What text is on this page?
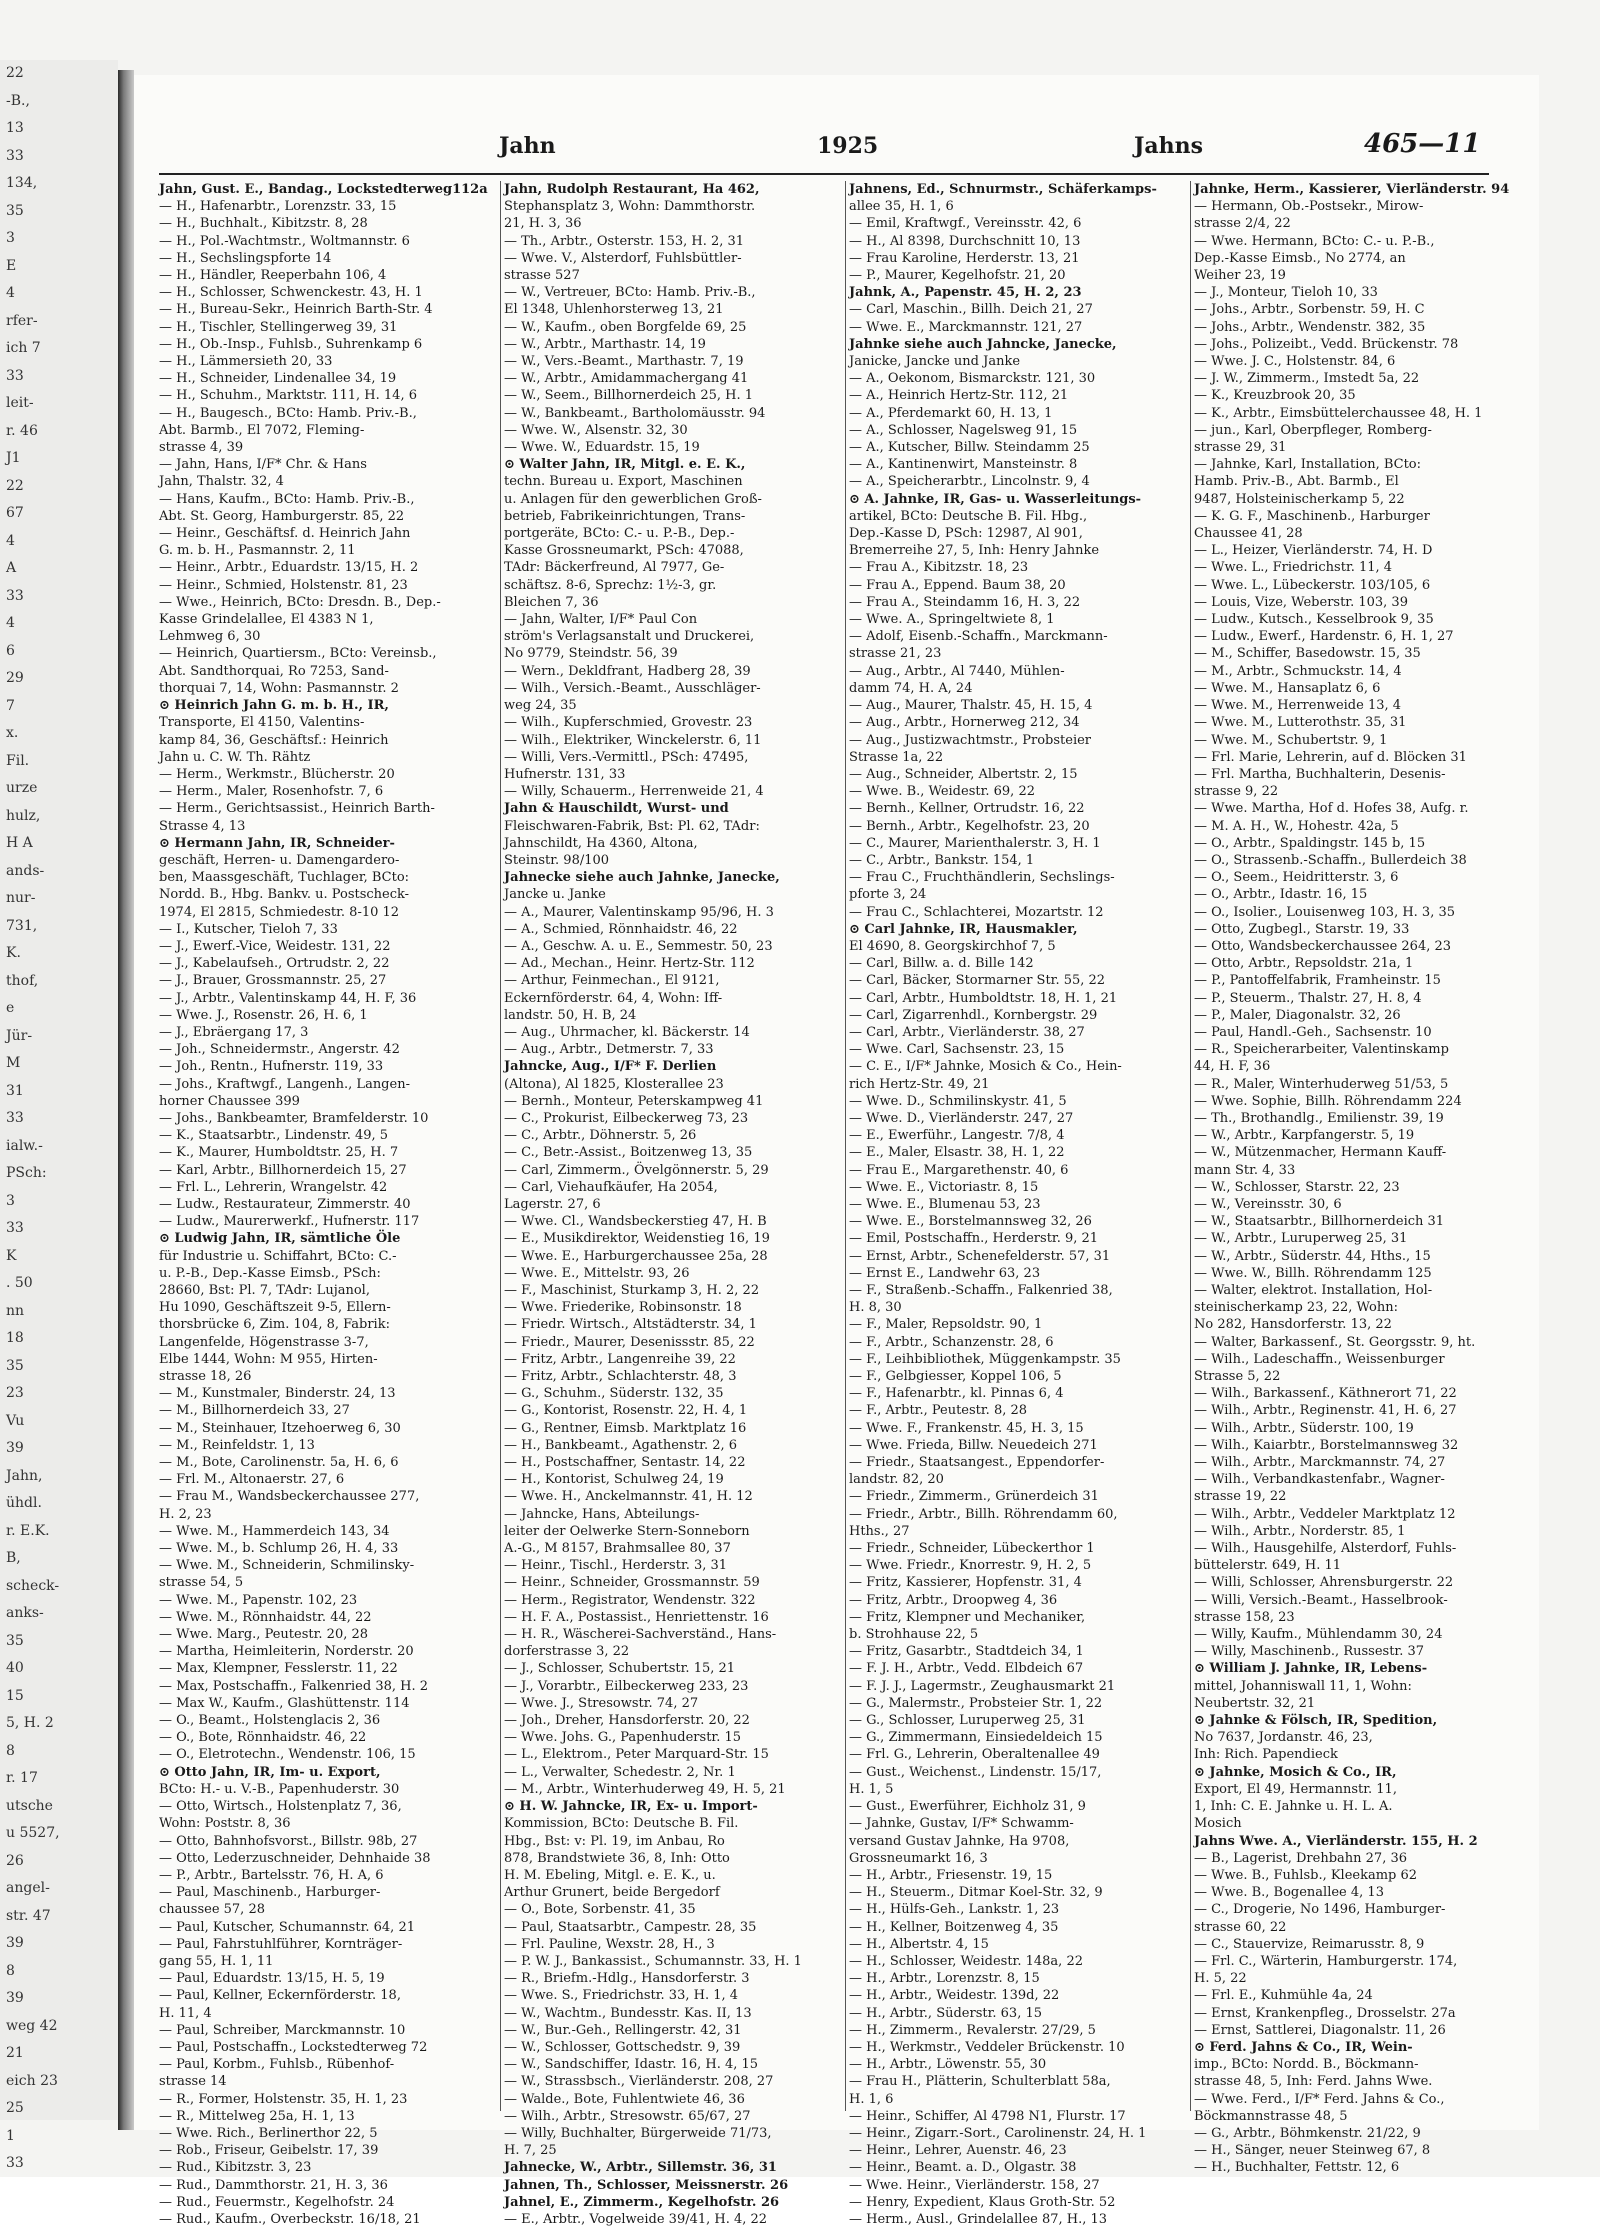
22
-B.,
13
33
134,
35
3
E
4
rfer-
ich 7
33
leit-
r. 46
J1
22
67
4
A
33
4
6
29
7
x.
Fil.
urze
hulz,
H A
ands-
nur-
731,
K.
thof,
e
Jür-
M
31
33
ialw.-
PSch:
3
33
K
. 50
nn
18
35
23
Vu
39
Jahn,
ühdl.
r. E.K.
B,
scheck-
anks-
35
40
15
5, H. 2
8
r. 17
utsche
u 5527,
26
angel-
str. 47
39
8
39
weg 42
21
eich 23
25
1
33
Jahn	1925	Jahns	465—11
Jahn, Gust. E., Bandag., Lockstedterweg112a
— H., Hafenarbtr., Lorenzstr. 33, 15
— H., Buchhalt., Kibitzstr. 8, 28
— H., Pol.-Wachtmstr., Woltmannstr. 6
— H., Sechslingspforte 14
— H., Händler, Reeperbahn 106, 4
— H., Schlosser, Schwenckestr. 43, H. 1
— H., Bureau-Sekr., Heinrich Barth-Str. 4
— H., Tischler, Stellingerweg 39, 31
— H., Ob.-Insp., Fuhlsb., Suhrenkamp 6
— H., Lämmersieth 20, 33
— H., Schneider, Lindenallee 34, 19
— H., Schuhm., Marktstr. 111, H. 14, 6
— H., Baugesch., BCto: Hamb. Priv.-B.,
Abt. Barmb., El 7072, Fleming-
strasse 4, 39
— Jahn, Hans, I/F* Chr. & Hans
Jahn, Thalstr. 32, 4
— Hans, Kaufm., BCto: Hamb. Priv.-B.,
Abt. St. Georg, Hamburgerstr. 85, 22
— Heinr., Geschäftsf. d. Heinrich Jahn
G. m. b. H., Pasmannstr. 2, 11
— Heinr., Arbtr., Eduardstr. 13/15, H. 2
— Heinr., Schmied, Holstenstr. 81, 23
— Wwe., Heinrich, BCto: Dresdn. B., Dep.-
Kasse Grindelallee, El 4383 N 1,
Lehmweg 6, 30
— Heinrich, Quartiersm., BCto: Vereinsb.,
Abt. Sandthorquai, Ro 7253, Sand-
thorquai 7, 14, Wohn: Pasmannstr. 2
⊙ Heinrich Jahn G. m. b. H., IR,
Transporte, El 4150, Valentins-
kamp 84, 36, Geschäftsf.: Heinrich
Jahn u. C. W. Th. Rähtz
— Herm., Werkmstr., Blücherstr. 20
— Herm., Maler, Rosenhofstr. 7, 6
— Herm., Gerichtsassist., Heinrich Barth-
Strasse 4, 13
⊙ Hermann Jahn, IR, Schneider-
geschäft, Herren- u. Damengardero-
ben, Maassgeschäft, Tuchlager, BCto:
Nordd. B., Hbg. Bankv. u. Postscheck-
1974, El 2815, Schmiedestr. 8-10 12
— I., Kutscher, Tieloh 7, 33
— J., Ewerf.-Vice, Weidestr. 131, 22
— J., Kabelaufseh., Ortrudstr. 2, 22
— J., Brauer, Grossmannstr. 25, 27
— J., Arbtr., Valentinskamp 44, H. F, 36
— Wwe. J., Rosenstr. 26, H. 6, 1
— J., Ebräergang 17, 3
— Joh., Schneidermstr., Angerstr. 42
— Joh., Rentn., Hufnerstr. 119, 33
— Johs., Kraftwgf., Langenh., Langen-
horner Chaussee 399
— Johs., Bankbeamter, Bramfelderstr. 10
— K., Staatsarbtr., Lindenstr. 49, 5
— K., Maurer, Humboldtstr. 25, H. 7
— Karl, Arbtr., Billhornerdeich 15, 27
— Frl. L., Lehrerin, Wrangelstr. 42
— Ludw., Restaurateur, Zimmerstr. 40
— Ludw., Maurerwerkf., Hufnerstr. 117
⊙ Ludwig Jahn, IR, sämtliche Öle
für Industrie u. Schiffahrt, BCto: C.-
u. P.-B., Dep.-Kasse Eimsb., PSch:
28660, Bst: Pl. 7, TAdr: Lujanol,
Hu 1090, Geschäftszeit 9-5, Ellern-
thorsbrücke 6, Zim. 104, 8, Fabrik:
Langenfelde, Högenstrasse 3-7,
Elbe 1444, Wohn: M 955, Hirten-
strasse 18, 26
— M., Kunstmaler, Binderstr. 24, 13
— M., Billhornerdeich 33, 27
— M., Steinhauer, Itzehoerweg 6, 30
— M., Reinfeldstr. 1, 13
— M., Bote, Carolinenstr. 5a, H. 6, 6
— Frl. M., Altonaerstr. 27, 6
— Frau M., Wandsbeckerchaussee 277,
H. 2, 23
— Wwe. M., Hammerdeich 143, 34
— Wwe. M., b. Schlump 26, H. 4, 33
— Wwe. M., Schneiderin, Schmilinsky-
strasse 54, 5
— Wwe. M., Papenstr. 102, 23
— Wwe. M., Rönnhaidstr. 44, 22
— Wwe. Marg., Peutestr. 20, 28
— Martha, Heimleiterin, Norderstr. 20
— Max, Klempner, Fesslerstr. 11, 22
— Max, Postschaffn., Falkenried 38, H. 2
— Max W., Kaufm., Glashüttenstr. 114
— O., Beamt., Holstenglacis 2, 36
— O., Bote, Rönnhaidstr. 46, 22
— O., Eletrotechn., Wendenstr. 106, 15
⊙ Otto Jahn, IR, Im- u. Export,
BCto: H.- u. V.-B., Papenhuderstr. 30
— Otto, Wirtsch., Holstenplatz 7, 36,
Wohn: Poststr. 8, 36
— Otto, Bahnhofsvorst., Billstr. 98b, 27
— Otto, Lederzuschneider, Dehnhaide 38
— P., Arbtr., Bartelsstr. 76, H. A, 6
— Paul, Maschinenb., Harburger-
chaussee 57, 28
— Paul, Kutscher, Schumannstr. 64, 21
— Paul, Fahrstuhlführer, Kornträger-
gang 55, H. 1, 11
— Paul, Eduardstr. 13/15, H. 5, 19
— Paul, Kellner, Eckernförderstr. 18,
H. 11, 4
— Paul, Schreiber, Marckmannstr. 10
— Paul, Postschaffn., Lockstedterweg 72
— Paul, Korbm., Fuhlsb., Rübenhof-
strasse 14
— R., Former, Holstenstr. 35, H. 1, 23
— R., Mittelweg 25a, H. 1, 13
— Wwe. Rich., Berlinerthor 22, 5
— Rob., Friseur, Geibelstr. 17, 39
— Rud., Kibitzstr. 3, 23
— Rud., Dammthorstr. 21, H. 3, 36
— Rud., Feuermstr., Kegelhofstr. 24
— Rud., Kaufm., Overbeckstr. 16/18, 21
Jahn, Rudolph Restaurant, Ha 462,
Stephansplatz 3, Wohn: Dammthorstr.
21, H. 3, 36
— Th., Arbtr., Osterstr. 153, H. 2, 31
— Wwe. V., Alsterdorf, Fuhlsbüttler-
strasse 527
— W., Vertreuer, BCto: Hamb. Priv.-B.,
El 1348, Uhlenhorsterweg 13, 21
— W., Kaufm., oben Borgfelde 69, 25
— W., Arbtr., Marthastr. 14, 19
— W., Vers.-Beamt., Marthastr. 7, 19
— W., Arbtr., Amidammachergang 41
— W., Seem., Billhornerdeich 25, H. 1
— W., Bankbeamt., Bartholomäusstr. 94
— Wwe. W., Alsenstr. 32, 30
— Wwe. W., Eduardstr. 15, 19
⊙ Walter Jahn, IR, Mitgl. e. E. K.,
techn. Bureau u. Export, Maschinen
u. Anlagen für den gewerblichen Groß-
betrieb, Fabrikeinrichtungen, Trans-
portgeräte, BCto: C.- u. P.-B., Dep.-
Kasse Grossneumarkt, PSch: 47088,
TAdr: Bäckerfreund, Al 7977, Ge-
schäftsz. 8-6, Sprechz: 1½-3, gr.
Bleichen 7, 36
— Jahn, Walter, I/F* Paul Con
ström's Verlagsanstalt und Druckerei,
No 9779, Steindstr. 56, 39
— Wern., Dekldfrant, Hadberg 28, 39
— Wilh., Versich.-Beamt., Ausschläger-
weg 24, 35
— Wilh., Kupferschmied, Grovestr. 23
— Wilh., Elektriker, Winckelerstr. 6, 11
— Willi, Vers.-Vermittl., PSch: 47495,
Hufnerstr. 131, 33
— Willy, Schauerm., Herrenweide 21, 4
Jahn & Hauschildt, Wurst- und
Fleischwaren-Fabrik, Bst: Pl. 62, TAdr:
Jahnschildt, Ha 4360, Altona,
Steinstr. 98/100
Jahnecke siehe auch Jahnke, Janecke,
Jancke u. Janke
— A., Maurer, Valentinskamp 95/96, H. 3
— A., Schmied, Rönnhaidstr. 46, 22
— A., Geschw. A. u. E., Semmestr. 50, 23
— Ad., Mechan., Heinr. Hertz-Str. 112
— Arthur, Feinmechan., El 9121,
Eckernförderstr. 64, 4, Wohn: Iff-
landstr. 50, H. B, 24
— Aug., Uhrmacher, kl. Bäckerstr. 14
— Aug., Arbtr., Detmerstr. 7, 33
Jahncke, Aug., I/F* F. Derlien
(Altona), Al 1825, Klosterallee 23
— Bernh., Monteur, Peterskampweg 41
— C., Prokurist, Eilbeckerweg 73, 23
— C., Arbtr., Döhnerstr. 5, 26
— C., Betr.-Assist., Boitzenweg 13, 35
— Carl, Zimmerm., Övelgönnerstr. 5, 29
— Carl, Viehaufkäufer, Ha 2054,
Lagerstr. 27, 6
— Wwe. Cl., Wandsbeckerstieg 47, H. B
— E., Musikdirektor, Weidenstieg 16, 19
— Wwe. E., Harburgerchaussee 25a, 28
— Wwe. E., Mittelstr. 93, 26
— F., Maschinist, Sturkamp 3, H. 2, 22
— Wwe. Friederike, Robinsonstr. 18
— Friedr. Wirtsch., Altstädterstr. 34, 1
— Friedr., Maurer, Desenissstr. 85, 22
— Fritz, Arbtr., Langenreihe 39, 22
— Fritz, Arbtr., Schlachterstr. 48, 3
— G., Schuhm., Süderstr. 132, 35
— G., Kontorist, Rosenstr. 22, H. 4, 1
— G., Rentner, Eimsb. Marktplatz 16
— H., Bankbeamt., Agathenstr. 2, 6
— H., Postschaffner, Sentastr. 14, 22
— H., Kontorist, Schulweg 24, 19
— Wwe. H., Anckelmannstr. 41, H. 12
— Jahncke, Hans, Abteilungs-
leiter der Oelwerke Stern-Sonneborn
A.-G., M 8157, Brahmsallee 80, 37
— Heinr., Tischl., Herderstr. 3, 31
— Heinr., Schneider, Grossmannstr. 59
— Herm., Registrator, Wendenstr. 322
— H. F. A., Postassist., Henriettenstr. 16
— H. R., Wäscherei-Sachverständ., Hans-
dorferstrasse 3, 22
— J., Schlosser, Schubertstr. 15, 21
— J., Vorarbtr., Eilbeckerweg 233, 23
— Wwe. J., Stresowstr. 74, 27
— Joh., Dreher, Hansdorferstr. 20, 22
— Wwe. Johs. G., Papenhuderstr. 15
— L., Elektrom., Peter Marquard-Str. 15
— L., Verwalter, Schedestr. 2, Nr. 1
— M., Arbtr., Winterhuderweg 49, H. 5, 21
⊙ H. W. Jahncke, IR, Ex- u. Import-
Kommission, BCto: Deutsche B. Fil.
Hbg., Bst: v: Pl. 19, im Anbau, Ro
878, Brandstwiete 36, 8, Inh: Otto
H. M. Ebeling, Mitgl. e. E. K., u.
Arthur Grunert, beide Bergedorf
— O., Bote, Sorbenstr. 41, 35
— Paul, Staatsarbtr., Campestr. 28, 35
— Frl. Pauline, Wexstr. 28, H., 3
— P. W. J., Bankassist., Schumannstr. 33, H. 1
— R., Briefm.-Hdlg., Hansdorferstr. 3
— Wwe. S., Friedrichstr. 33, H. 1, 4
— W., Wachtm., Bundesstr. Kas. II, 13
— W., Bur.-Geh., Rellingerstr. 42, 31
— W., Schlosser, Gottschedstr. 9, 39
— W., Sandschiffer, Idastr. 16, H. 4, 15
— W., Strassbsch., Vierländerstr. 208, 27
— Walde., Bote, Fuhlentwiete 46, 36
— Wilh., Arbtr., Stresowstr. 65/67, 27
— Willy, Buchhalter, Bürgerweide 71/73,
H. 7, 25
Jahnecke, W., Arbtr., Sillemstr. 36, 31
Jahnen, Th., Schlosser, Meissnerstr. 26
Jahnel, E., Zimmerm., Kegelhofstr. 26
— E., Arbtr., Vogelweide 39/41, H. 4, 22
Jahnens, Ed., Schnurmstr., Schäferkamps-
allee 35, H. 1, 6
— Emil, Kraftwgf., Vereinsstr. 42, 6
— H., Al 8398, Durchschnitt 10, 13
— Frau Karoline, Herderstr. 13, 21
— P., Maurer, Kegelhofstr. 21, 20
Jahnk, A., Papenstr. 45, H. 2, 23
— Carl, Maschin., Billh. Deich 21, 27
— Wwe. E., Marckmannstr. 121, 27
Jahnke siehe auch Jahncke, Janecke,
Janicke, Jancke und Janke
— A., Oekonom, Bismarckstr. 121, 30
— A., Heinrich Hertz-Str. 112, 21
— A., Pferdemarkt 60, H. 13, 1
— A., Schlosser, Nagelsweg 91, 15
— A., Kutscher, Billw. Steindamm 25
— A., Kantinenwirt, Mansteinstr. 8
— A., Speicherarbtr., Lincolnstr. 9, 4
⊙ A. Jahnke, IR, Gas- u. Wasserleitungs-
artikel, BCto: Deutsche B. Fil. Hbg.,
Dep.-Kasse D, PSch: 12987, Al 901,
Bremerreihe 27, 5, Inh: Henry Jahnke
— Frau A., Kibitzstr. 18, 23
— Frau A., Eppend. Baum 38, 20
— Frau A., Steindamm 16, H. 3, 22
— Wwe. A., Springeltwiete 8, 1
— Adolf, Eisenb.-Schaffn., Marckmann-
strasse 21, 23
— Aug., Arbtr., Al 7440, Mühlen-
damm 74, H. A, 24
— Aug., Maurer, Thalstr. 45, H. 15, 4
— Aug., Arbtr., Hornerweg 212, 34
— Aug., Justizwachtmstr., Probsteier
Strasse 1a, 22
— Aug., Schneider, Albertstr. 2, 15
— Wwe. B., Weidestr. 69, 22
— Bernh., Kellner, Ortrudstr. 16, 22
— Bernh., Arbtr., Kegelhofstr. 23, 20
— C., Maurer, Marienthalerstr. 3, H. 1
— C., Arbtr., Bankstr. 154, 1
— Frau C., Fruchthändlerin, Sechslings-
pforte 3, 24
— Frau C., Schlachterei, Mozartstr. 12
⊙ Carl Jahnke, IR, Hausmakler,
El 4690, 8. Georgskirchhof 7, 5
— Carl, Billw. a. d. Bille 142
— Carl, Bäcker, Stormarner Str. 55, 22
— Carl, Arbtr., Humboldtstr. 18, H. 1, 21
— Carl, Zigarrenhdl., Kornbergstr. 29
— Carl, Arbtr., Vierländerstr. 38, 27
— Wwe. Carl, Sachsenstr. 23, 15
— C. E., I/F* Jahnke, Mosich & Co., Hein-
rich Hertz-Str. 49, 21
— Wwe. D., Schmilinskystr. 41, 5
— Wwe. D., Vierländerstr. 247, 27
— E., Ewerführ., Langestr. 7/8, 4
— E., Maler, Elsastr. 38, H. 1, 22
— Frau E., Margarethenstr. 40, 6
— Wwe. E., Victoriastr. 8, 15
— Wwe. E., Blumenau 53, 23
— Wwe. E., Borstelmannsweg 32, 26
— Emil, Postschaffn., Herderstr. 9, 21
— Ernst, Arbtr., Schenefelderstr. 57, 31
— Ernst E., Landwehr 63, 23
— F., Straßenb.-Schaffn., Falkenried 38,
H. 8, 30
— F., Maler, Repsoldstr. 90, 1
— F., Arbtr., Schanzenstr. 28, 6
— F., Leihbibliothek, Müggenkampstr. 35
— F., Gelbgiesser, Koppel 106, 5
— F., Hafenarbtr., kl. Pinnas 6, 4
— F., Arbtr., Peutestr. 8, 28
— Wwe. F., Frankenstr. 45, H. 3, 15
— Wwe. Frieda, Billw. Neuedeich 271
— Friedr., Staatsangest., Eppendorfer-
landstr. 82, 20
— Friedr., Zimmerm., Grünerdeich 31
— Friedr., Arbtr., Billh. Röhrendamm 60,
Hths., 27
— Friedr., Schneider, Lübeckerthor 1
— Wwe. Friedr., Knorrestr. 9, H. 2, 5
— Fritz, Kassierer, Hopfenstr. 31, 4
— Fritz, Arbtr., Droopweg 4, 36
— Fritz, Klempner und Mechaniker,
b. Strohhause 22, 5
— Fritz, Gasarbtr., Stadtdeich 34, 1
— F. J. H., Arbtr., Vedd. Elbdeich 67
— F. J. J., Lagermstr., Zeughausmarkt 21
— G., Malermstr., Probsteier Str. 1, 22
— G., Schlosser, Luruperweg 25, 31
— G., Zimmermann, Einsiedeldeich 15
— Frl. G., Lehrerin, Oberaltenallee 49
— Gust., Weichenst., Lindenstr. 15/17,
H. 1, 5
— Gust., Ewerführer, Eichholz 31, 9
— Jahnke, Gustav, I/F* Schwamm-
versand Gustav Jahnke, Ha 9708,
Grossneumarkt 16, 3
— H., Arbtr., Friesenstr. 19, 15
— H., Steuerm., Ditmar Koel-Str. 32, 9
— H., Hülfs-Geh., Lankstr. 1, 23
— H., Kellner, Boitzenweg 4, 35
— H., Albertstr. 4, 15
— H., Schlosser, Weidestr. 148a, 22
— H., Arbtr., Lorenzstr. 8, 15
— H., Arbtr., Weidestr. 139d, 22
— H., Arbtr., Süderstr. 63, 15
— H., Zimmerm., Revalerstr. 27/29, 5
— H., Werkmstr., Veddeler Brückenstr. 10
— H., Arbtr., Löwenstr. 55, 30
— Frau H., Plätterin, Schulterblatt 58a,
H. 1, 6
— Heinr., Schiffer, Al 4798 N1, Flurstr. 17
— Heinr., Zigarr.-Sort., Carolinenstr. 24, H. 1
— Heinr., Lehrer, Auenstr. 46, 23
— Heinr., Beamt. a. D., Olgastr. 38
— Wwe. Heinr., Vierländerstr. 158, 27
— Henry, Expedient, Klaus Groth-Str. 52
— Herm., Ausl., Grindelallee 87, H., 13
Jahnke, Herm., Kassierer, Vierländerstr. 94
— Hermann, Ob.-Postsekr., Mirow-
strasse 2/4, 22
— Wwe. Hermann, BCto: C.- u. P.-B.,
Dep.-Kasse Eimsb., No 2774, an
Weiher 23, 19
— J., Monteur, Tieloh 10, 33
— Johs., Arbtr., Sorbenstr. 59, H. C
— Johs., Arbtr., Wendenstr. 382, 35
— Johs., Polizeibt., Vedd. Brückenstr. 78
— Wwe. J. C., Holstenstr. 84, 6
— J. W., Zimmerm., Imstedt 5a, 22
— K., Kreuzbrook 20, 35
— K., Arbtr., Eimsbüttelerchaussee 48, H. 1
— jun., Karl, Oberpfleger, Romberg-
strasse 29, 31
— Jahnke, Karl, Installation, BCto:
Hamb. Priv.-B., Abt. Barmb., El
9487, Holsteinischerkamp 5, 22
— K. G. F., Maschinenb., Harburger
Chaussee 41, 28
— L., Heizer, Vierländerstr. 74, H. D
— Wwe. L., Friedrichstr. 11, 4
— Wwe. L., Lübeckerstr. 103/105, 6
— Louis, Vize, Weberstr. 103, 39
— Ludw., Kutsch., Kesselbrook 9, 35
— Ludw., Ewerf., Hardenstr. 6, H. 1, 27
— M., Schiffer, Basedowstr. 15, 35
— M., Arbtr., Schmuckstr. 14, 4
— Wwe. M., Hansaplatz 6, 6
— Wwe. M., Herrenweide 13, 4
— Wwe. M., Lutterothstr. 35, 31
— Wwe. M., Schubertstr. 9, 1
— Frl. Marie, Lehrerin, auf d. Blöcken 31
— Frl. Martha, Buchhalterin, Desenis-
strasse 9, 22
— Wwe. Martha, Hof d. Hofes 38, Aufg. r.
— M. A. H., W., Hohestr. 42a, 5
— O., Arbtr., Spaldingstr. 145 b, 15
— O., Strassenb.-Schaffn., Bullerdeich 38
— O., Seem., Heidritterstr. 3, 6
— O., Arbtr., Idastr. 16, 15
— O., Isolier., Louisenweg 103, H. 3, 35
— Otto, Zugbegl., Starstr. 19, 33
— Otto, Wandsbeckerchaussee 264, 23
— Otto, Arbtr., Repsoldstr. 21a, 1
— P., Pantoffelfabrik, Framheinstr. 15
— P., Steuerm., Thalstr. 27, H. 8, 4
— P., Maler, Diagonalstr. 32, 26
— Paul, Handl.-Geh., Sachsenstr. 10
— R., Speicherarbeiter, Valentinskamp
44, H. F, 36
— R., Maler, Winterhuderweg 51/53, 5
— Wwe. Sophie, Billh. Röhrendamm 224
— Th., Brothandlg., Emilienstr. 39, 19
— W., Arbtr., Karpfangerstr. 5, 19
— W., Mützenmacher, Hermann Kauff-
mann Str. 4, 33
— W., Schlosser, Starstr. 22, 23
— W., Vereinsstr. 30, 6
— W., Staatsarbtr., Billhornerdeich 31
— W., Arbtr., Luruperweg 25, 31
— W., Arbtr., Süderstr. 44, Hths., 15
— Wwe. W., Billh. Röhrendamm 125
— Walter, elektrot. Installation, Hol-
steinischerkamp 23, 22, Wohn:
No 282, Hansdorferstr. 13, 22
— Walter, Barkassenf., St. Georgsstr. 9, ht.
— Wilh., Ladeschaffn., Weissenburger
Strasse 5, 22
— Wilh., Barkassenf., Käthnerort 71, 22
— Wilh., Arbtr., Reginenstr. 41, H. 6, 27
— Wilh., Arbtr., Süderstr. 100, 19
— Wilh., Kaiarbtr., Borstelmannsweg 32
— Wilh., Arbtr., Marckmannstr. 74, 27
— Wilh., Verbandkastenfabr., Wagner-
strasse 19, 22
— Wilh., Arbtr., Veddeler Marktplatz 12
— Wilh., Arbtr., Norderstr. 85, 1
— Wilh., Hausgehilfe, Alsterdorf, Fuhls-
büttelerstr. 649, H. 11
— Willi, Schlosser, Ahrensburgerstr. 22
— Willi, Versich.-Beamt., Hasselbrook-
strasse 158, 23
— Willy, Kaufm., Mühlendamm 30, 24
— Willy, Maschinenb., Russestr. 37
⊙ William J. Jahnke, IR, Lebens-
mittel, Johanniswall 11, 1, Wohn:
Neubertstr. 32, 21
⊙ Jahnke & Fölsch, IR, Spedition,
No 7637, Jordanstr. 46, 23,
Inh: Rich. Papendieck
⊙ Jahnke, Mosich & Co., IR,
Export, El 49, Hermannstr. 11,
1, Inh: C. E. Jahnke u. H. L. A.
Mosich
Jahns Wwe. A., Vierländerstr. 155, H. 2
— B., Lagerist, Drehbahn 27, 36
— Wwe. B., Fuhlsb., Kleekamp 62
— Wwe. B., Bogenallee 4, 13
— C., Drogerie, No 1496, Hamburger-
strasse 60, 22
— C., Stauervize, Reimarusstr. 8, 9
— Frl. C., Wärterin, Hamburgerstr. 174,
H. 5, 22
— Frl. E., Kuhmühle 4a, 24
— Ernst, Krankenpfleg., Drosselstr. 27a
— Ernst, Sattlerei, Diagonalstr. 11, 26
⊙ Ferd. Jahns & Co., IR, Wein-
imp., BCto: Nordd. B., Böckmann-
strasse 48, 5, Inh: Ferd. Jahns Wwe.
— Wwe. Ferd., I/F* Ferd. Jahns & Co.,
Böckmannstrasse 48, 5
— G., Arbtr., Böhmkenstr. 21/22, 9
— H., Sänger, neuer Steinweg 67, 8
— H., Buchhalter, Fettstr. 12, 6
